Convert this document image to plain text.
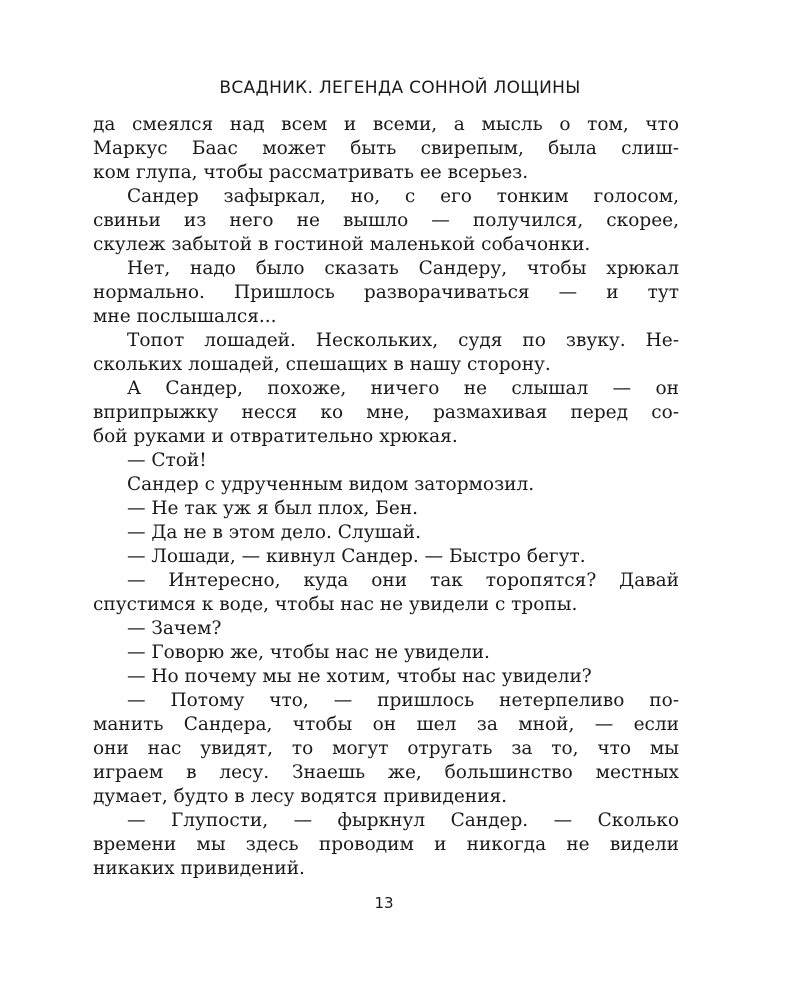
ВСАДНИК. ЛЕГЕНДА СОННОЙ ЛОЩИНЫ
да смеялся над всем и всеми, а мысль о том, что
Маркус Баас может быть свирепым, была слиш-
ком глупа, чтобы рассматривать ее всерьез.
Сандер зафыркал, но, с его тонким голосом,
свиньи из него не вышло — получился, скорее,
скулеж забытой в гостиной маленькой собачонки.
Нет, надо было сказать Сандеру, чтобы хрюкал
нормально. Пришлось разворачиваться — и тут
мне послышался...
Топот лошадей. Нескольких, судя по звуку. Не-
скольких лошадей, спешащих в нашу сторону.
А Сандер, похоже, ничего не слышал — он
вприпрыжку несся ко мне, размахивая перед со-
бой руками и отвратительно хрюкая.
— Стой!
Сандер с удрученным видом затормозил.
— Не так уж я был плох, Бен.
— Да не в этом дело. Слушай.
— Лошади, — кивнул Сандер. — Быстро бегут.
— Интересно, куда они так торопятся? Давай
спустимся к воде, чтобы нас не увидели с тропы.
— Зачем?
— Говорю же, чтобы нас не увидели.
— Но почему мы не хотим, чтобы нас увидели?
— Потому что, — пришлось нетерпеливо по-
манить Сандера, чтобы он шел за мной, — если
они нас увидят, то могут отругать за то, что мы
играем в лесу. Знаешь же, большинство местных
думает, будто в лесу водятся привидения.
— Глупости, — фыркнул Сандер. — Сколько
времени мы здесь проводим и никогда не видели
никаких привидений.
13
